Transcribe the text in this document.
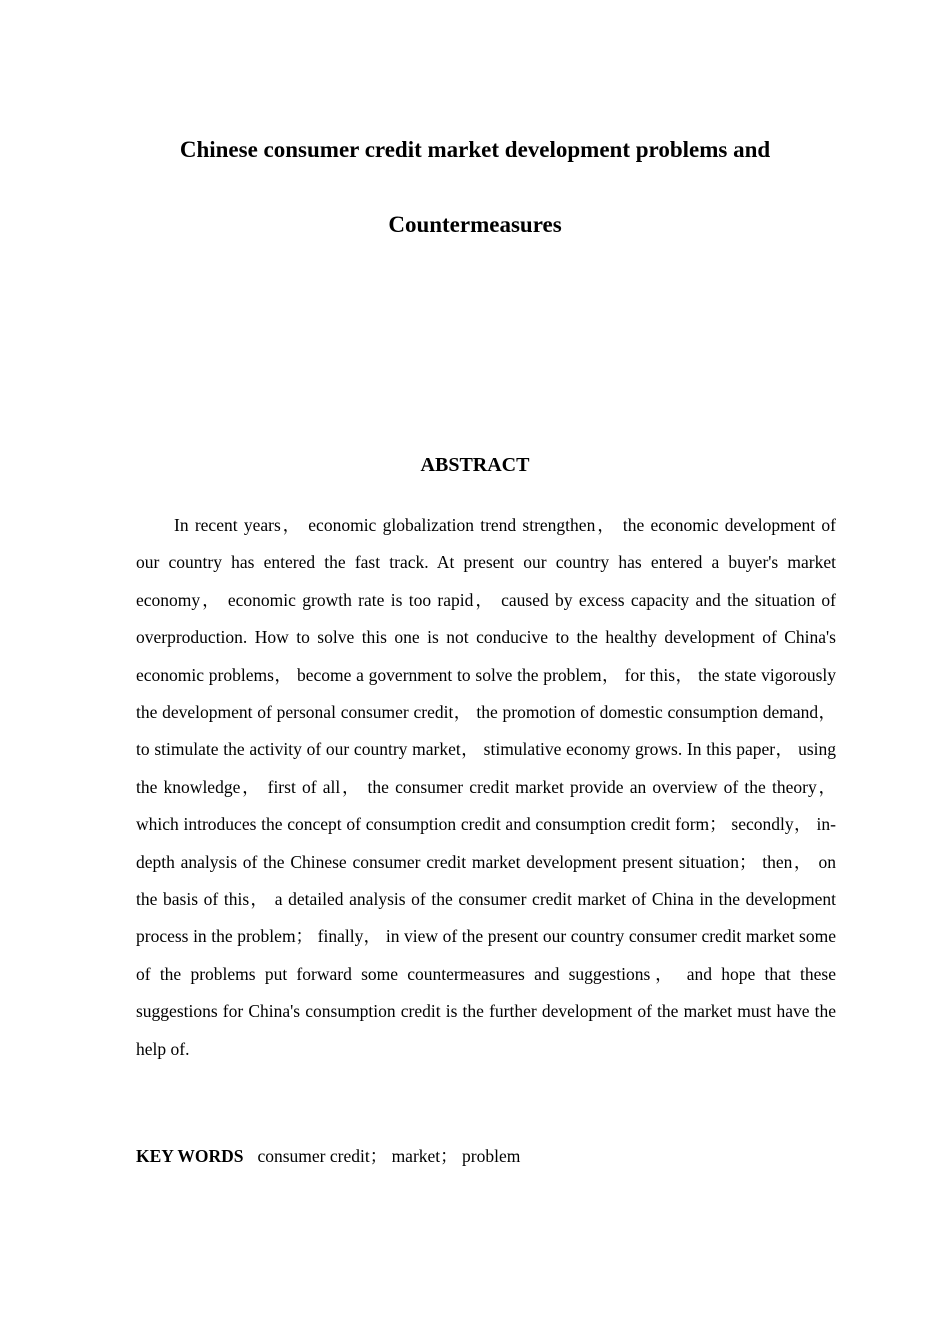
Chinese consumer credit market development problems and
Countermeasures
ABSTRACT

In recent years， economic globalization trend strengthen， the economic development of our country has entered the fast track. At present our country has entered a buyer's market economy， economic growth rate is too rapid， caused by excess capacity and the situation of overproduction. How to solve this one is not conducive to the healthy development of China's economic problems， become a government to solve the problem， for this， the state vigorously the development of personal consumer credit， the promotion of domestic consumption demand， to stimulate the activity of our country market， stimulative economy grows. In this paper， using the knowledge， first of all， the consumer credit market provide an overview of the theory， which introduces the concept of consumption credit and consumption credit form； secondly， in-depth analysis of the Chinese consumer credit market development present situation； then， on the basis of this， a detailed analysis of the consumer credit market of China in the development process in the problem； finally， in view of the present our country consumer credit market some of the problems put forward some countermeasures and suggestions， and hope that these suggestions for China's consumption credit is the further development of the market must have the help of.

KEY WORDS consumer credit； market； problem
